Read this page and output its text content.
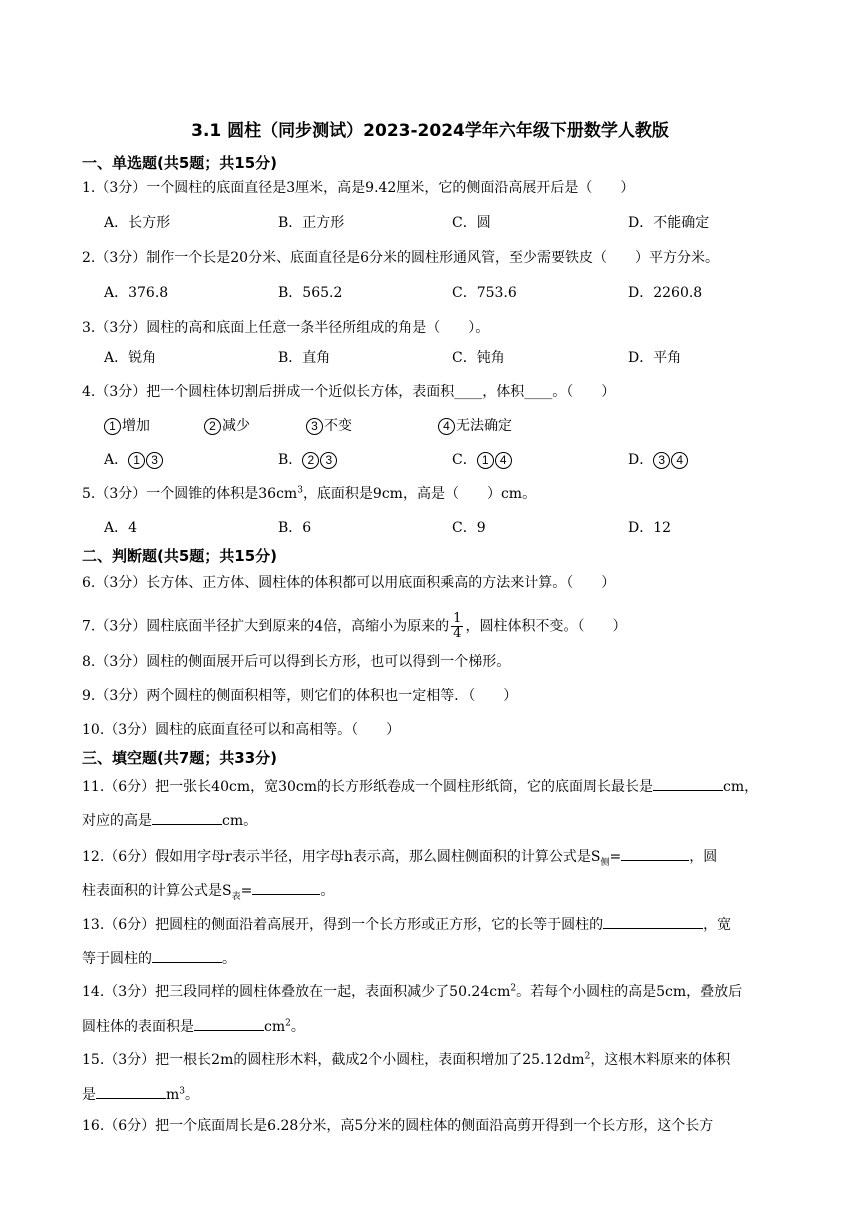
3.1 圆柱（同步测试）2023-2024学年六年级下册数学人教版
一、单选题(共5题；共15分)
1.（3分）一个圆柱的底面直径是3厘米，高是9.42厘米，它的侧面沿高展开后是（　　）
A．长方形	B．正方形	C．圆	D．不能确定
2.（3分）制作一个长是20分米、底面直径是6分米的圆柱形通风管，至少需要铁皮（　　）平方分米。
A．376.8	B．565.2	C．753.6	D．2260.8
3.（3分）圆柱的高和底面上任意一条半径所组成的角是（　　）。
A．锐角	B．直角	C．钝角	D．平角
4.（3分）把一个圆柱体切割后拼成一个近似长方体，表面积____，体积____。（　　）
1 增加	2 减少	3 不变	4 无法确定
A． 1 3	B． 2 3	C． 1 4	D． 3 4
5.（3分）一个圆锥的体积是$36cm^3$，底面积是9cm，高是（　　）cm。
A．4	B．6	C．9	D．12
二、判断题(共5题；共15分)
6.（3分）长方体、正方体、圆柱体的体积都可以用底面积乘高的方法来计算。（　　）
7.（3分）圆柱底面半径扩大到原来的4倍，高缩小为原来的 $\frac{1}{4}$ ，圆柱体积不变。（　　）
8.（3分）圆柱的侧面展开后可以得到长方形，也可以得到一个梯形。
9.（3分）两个圆柱的侧面积相等，则它们的体积也一定相等．（　　）
10.（3分）圆柱的底面直径可以和高相等。（　　）
三、填空题(共7题；共33分)
11.（6分）把一张长40cm，宽30cm的长方形纸卷成一个圆柱形纸筒，它的底面周长最长是	cm，
对应的高是	cm。
12.（6分）假如用字母r表示半径，用字母h表示高，那么圆柱侧面积的计算公式是$S_侧=$	，圆
柱表面积的计算公式是$S_表=$	。
13.（6分）把圆柱的侧面沿着高展开，得到一个长方形或正方形，它的长等于圆柱的	，宽
等于圆柱的	。
14.（3分）把三段同样的圆柱体叠放在一起，表面积减少了$50.24cm^2$。若每个小圆柱的高是5cm，叠放后
圆柱体的表面积是	$cm^2$。
15.（3分）把一根长2m的圆柱形木料，截成2个小圆柱，表面积增加了$25.12dm^2$，这根木料原来的体积
是	$m^3$。
16.（6分）把一个底面周长是6.28分米，高5分米的圆柱体的侧面沿高剪开得到一个长方形，这个长方
